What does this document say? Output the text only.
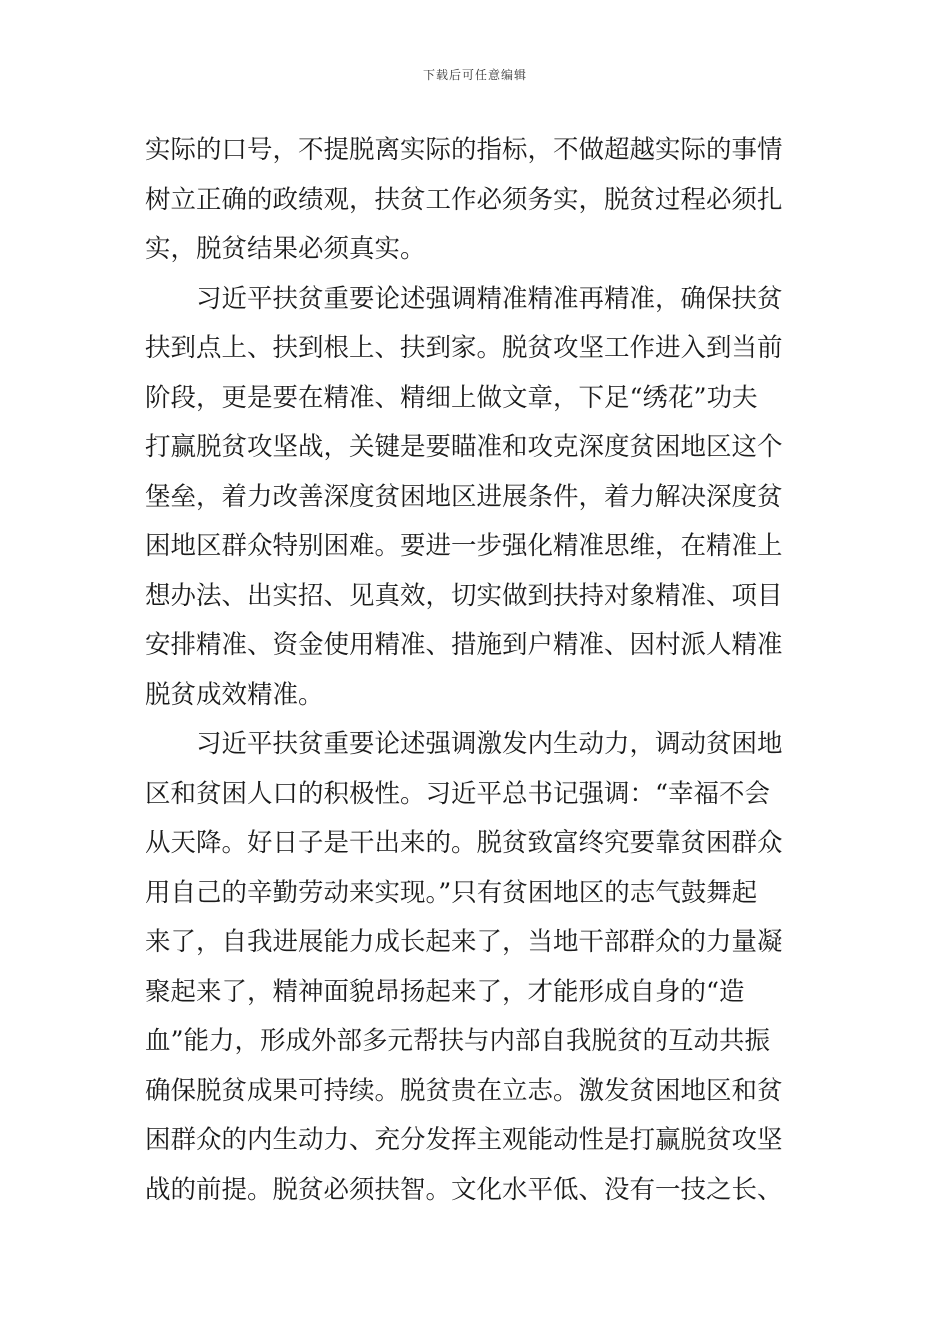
下载后可任意编辑
实际的口号，不提脱离实际的指标，不做超越实际的事情
树立正确的政绩观，扶贫工作必须务实，脱贫过程必须扎
实，脱贫结果必须真实。
　　习近平扶贫重要论述强调精准精准再精准，确保扶贫
扶到点上、扶到根上、扶到家。脱贫攻坚工作进入到当前
阶段，更是要在精准、精细上做文章，下足“绣花”功夫
打赢脱贫攻坚战，关键是要瞄准和攻克深度贫困地区这个
堡垒，着力改善深度贫困地区进展条件，着力解决深度贫
困地区群众特别困难。要进一步强化精准思维，在精准上
想办法、出实招、见真效，切实做到扶持对象精准、项目
安排精准、资金使用精准、措施到户精准、因村派人精准
脱贫成效精准。
　　习近平扶贫重要论述强调激发内生动力，调动贫困地
区和贫困人口的积极性。习近平总书记强调：“幸福不会
从天降。好日子是干出来的。脱贫致富终究要靠贫困群众
用自己的辛勤劳动来实现。”只有贫困地区的志气鼓舞起
来了，自我进展能力成长起来了，当地干部群众的力量凝
聚起来了，精神面貌昂扬起来了，才能形成自身的“造
血”能力，形成外部多元帮扶与内部自我脱贫的互动共振
确保脱贫成果可持续。脱贫贵在立志。激发贫困地区和贫
困群众的内生动力、充分发挥主观能动性是打赢脱贫攻坚
战的前提。脱贫必须扶智。文化水平低、没有一技之长、
